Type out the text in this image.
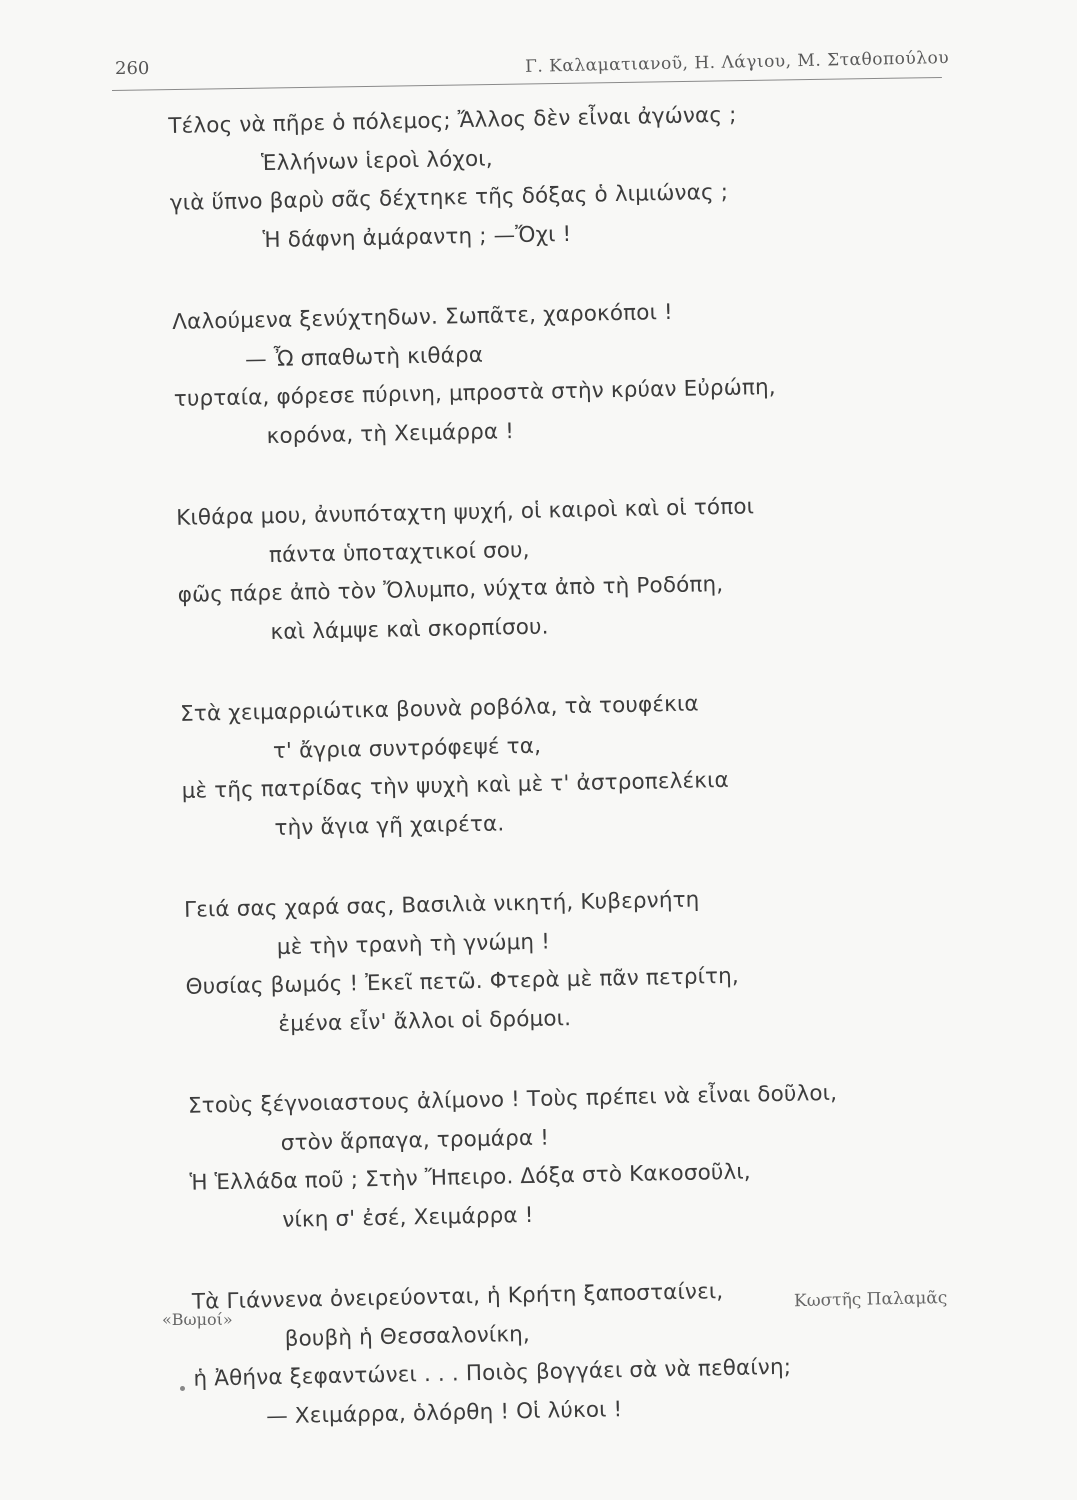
260	Γ. Καλαματιανοῦ, Η. Λάγιου, Μ. Σταθοπούλου
Τέλος νὰ πῆρε ὁ πόλεμος; Ἄλλος δὲν εἶναι ἀγώνας ;
Ἑλλήνων ἱεροὶ λόχοι,
γιὰ ὕπνο βαρὺ σᾶς δέχτηκε τῆς δόξας ὁ λιμιώνας ;
Ἡ δάφνη ἀμάραντη ; —Ὄχι !
Λαλούμενα ξενύχτηδων. Σωπᾶτε, χαροκόποι !
— Ὦ σπαθωτὴ κιθάρα
τυρταία, φόρεσε πύρινη, μπροστὰ στὴν κρύαν Εὐρώπη,
κορόνα, τὴ Χειμάρρα !
Κιθάρα μου, ἀνυπόταχτη ψυχή, οἱ καιροὶ καὶ οἱ τόποι
πάντα ὑποταχτικοί σου,
φῶς πάρε ἀπὸ τὸν Ὄλυμπο, νύχτα ἀπὸ τὴ Ροδόπη,
καὶ λάμψε καὶ σκορπίσου.
Στὰ χειμαρριώτικα βουνὰ ροβόλα, τὰ τουφέκια
τ' ἄγρια συντρόφεψέ τα,
μὲ τῆς πατρίδας τὴν ψυχὴ καὶ μὲ τ' ἀστροπελέκια
τὴν ἅγια γῆ χαιρέτα.
Γειά σας χαρά σας, Βασιλιὰ νικητή, Κυβερνήτη
μὲ τὴν τρανὴ τὴ γνώμη !
Θυσίας βωμός ! Ἐκεῖ πετῶ. Φτερὰ μὲ πᾶν πετρίτη,
ἐμένα εἶν' ἄλλοι οἱ δρόμοι.
Στοὺς ξέγνοιαστους ἀλίμονο ! Τοὺς πρέπει νὰ εἶναι δοῦλοι,
στὸν ἅρπαγα, τρομάρα !
Ἡ Ἑλλάδα ποῦ ; Στὴν Ἤπειρο. Δόξα στὸ Κακοσοῦλι,
νίκη σ' ἐσέ, Χειμάρρα !
Τὰ Γιάννενα ὀνειρεύονται, ἡ Κρήτη ξαποσταίνει,
βουβὴ ἡ Θεσσαλονίκη,
ἡ Ἀθήνα ξεφαντώνει . . . Ποιὸς βογγάει σὰ νὰ πεθαίνη;
— Χειμάρρα, ὁλόρθη ! Οἱ λύκοι !
«Βωμοί»
Κωστῆς Παλαμᾶς
